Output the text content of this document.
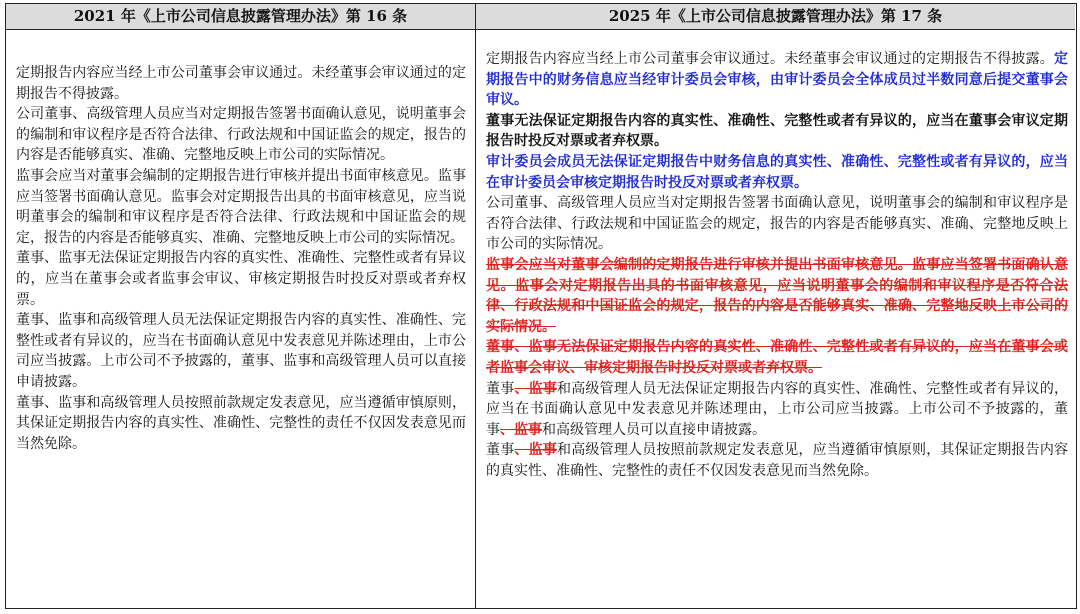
2021 年《上市公司信息披露管理办法》第 16 条	2025 年《上市公司信息披露管理办法》第 17 条

定期报告内容应当经上市公司董事会审议通过。未经董事会审议通过的定期报告不得披露。

公司董事、高级管理人员应当对定期报告签署书面确认意见，说明董事会的编制和审议程序是否符合法律、行政法规和中国证监会的规定，报告的内容是否能够真实、准确、完整地反映上市公司的实际情况。

监事会应当对董事会编制的定期报告进行审核并提出书面审核意见。监事应当签署书面确认意见。监事会对定期报告出具的书面审核意见，应当说明董事会的编制和审议程序是否符合法律、行政法规和中国证监会的规定，报告的内容是否能够真实、准确、完整地反映上市公司的实际情况。

董事、监事无法保证定期报告内容的真实性、准确性、完整性或者有异议的，应当在董事会或者监事会审议、审核定期报告时投反对票或者弃权票。

董事、监事和高级管理人员无法保证定期报告内容的真实性、准确性、完整性或者有异议的，应当在书面确认意见中发表意见并陈述理由，上市公司应当披露。上市公司不予披露的，董事、监事和高级管理人员可以直接申请披露。

董事、监事和高级管理人员按照前款规定发表意见，应当遵循审慎原则，其保证定期报告内容的真实性、准确性、完整性的责任不仅因发表意见而当然免除。

定期报告内容应当经上市公司董事会审议通过。未经董事会审议通过的定期报告不得披露。定期报告中的财务信息应当经审计委员会审核，由审计委员会全体成员过半数同意后提交董事会审议。

董事无法保证定期报告内容的真实性、准确性、完整性或者有异议的，应当在董事会审议定期报告时投反对票或者弃权票。

审计委员会成员无法保证定期报告中财务信息的真实性、准确性、完整性或者有异议的，应当在审计委员会审核定期报告时投反对票或者弃权票。

公司董事、高级管理人员应当对定期报告签署书面确认意见，说明董事会的编制和审议程序是否符合法律、行政法规和中国证监会的规定，报告的内容是否能够真实、准确、完整地反映上市公司的实际情况。

监事会应当对董事会编制的定期报告进行审核并提出书面审核意见。监事应当签署书面确认意见。监事会对定期报告出具的书面审核意见，应当说明董事会的编制和审议程序是否符合法律、行政法规和中国证监会的规定，报告的内容是否能够真实、准确、完整地反映上市公司的实际情况。

董事、监事无法保证定期报告内容的真实性、准确性、完整性或者有异议的，应当在董事会或者监事会审议、审核定期报告时投反对票或者弃权票。

董事、监事和高级管理人员无法保证定期报告内容的真实性、准确性、完整性或者有异议的，应当在书面确认意见中发表意见并陈述理由，上市公司应当披露。上市公司不予披露的，董事、监事和高级管理人员可以直接申请披露。

董事、监事和高级管理人员按照前款规定发表意见，应当遵循审慎原则，其保证定期报告内容的真实性、准确性、完整性的责任不仅因发表意见而当然免除。
